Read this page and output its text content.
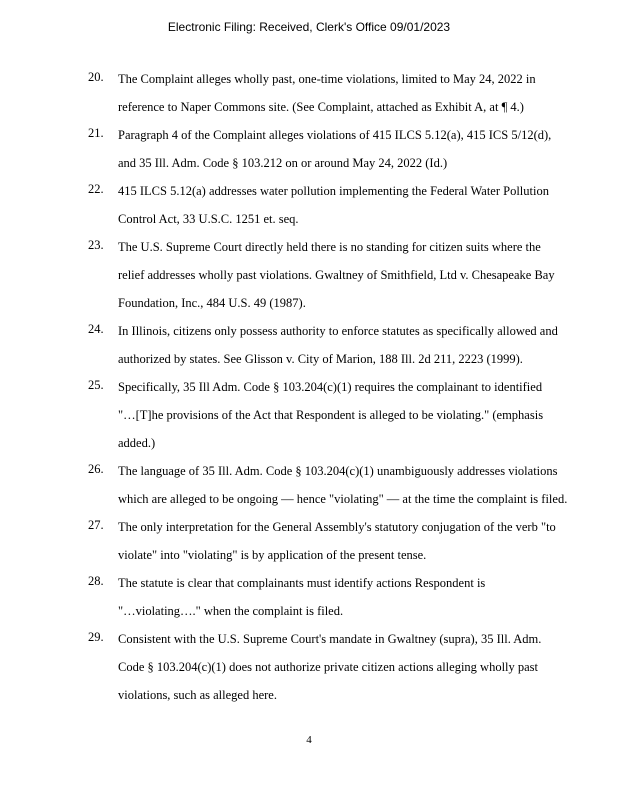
Electronic Filing: Received, Clerk's Office 09/01/2023
20.	The Complaint alleges wholly past, one-time violations, limited to May 24, 2022 in
reference to Naper Commons site. (See Complaint, attached as Exhibit A, at ¶ 4.)
21.	Paragraph 4 of the Complaint alleges violations of 415 ILCS 5.12(a), 415 ICS 5/12(d),
and 35 Ill. Adm. Code § 103.212 on or around May 24, 2022 (Id.)
22.	415 ILCS 5.12(a) addresses water pollution implementing the Federal Water Pollution
Control Act, 33 U.S.C. 1251 et. seq.
23.	The U.S. Supreme Court directly held there is no standing for citizen suits where the
relief addresses wholly past violations. Gwaltney of Smithfield, Ltd v. Chesapeake Bay
Foundation, Inc., 484 U.S. 49 (1987).
24.	In Illinois, citizens only possess authority to enforce statutes as specifically allowed and
authorized by states. See Glisson v. City of Marion, 188 Ill. 2d 211, 2223 (1999).
25.	Specifically, 35 Ill Adm. Code § 103.204(c)(1) requires the complainant to identified
"…[T]he provisions of the Act that Respondent is alleged to be violating." (emphasis
added.)
26.	The language of 35 Ill. Adm. Code § 103.204(c)(1) unambiguously addresses violations
which are alleged to be ongoing — hence "violating" — at the time the complaint is filed.
27.	The only interpretation for the General Assembly's statutory conjugation of the verb "to
violate" into "violating" is by application of the present tense.
28.	The statute is clear that complainants must identify actions Respondent is
"…violating…." when the complaint is filed.
29.	Consistent with the U.S. Supreme Court's mandate in Gwaltney (supra), 35 Ill. Adm.
Code § 103.204(c)(1) does not authorize private citizen actions alleging wholly past
violations, such as alleged here.
4
